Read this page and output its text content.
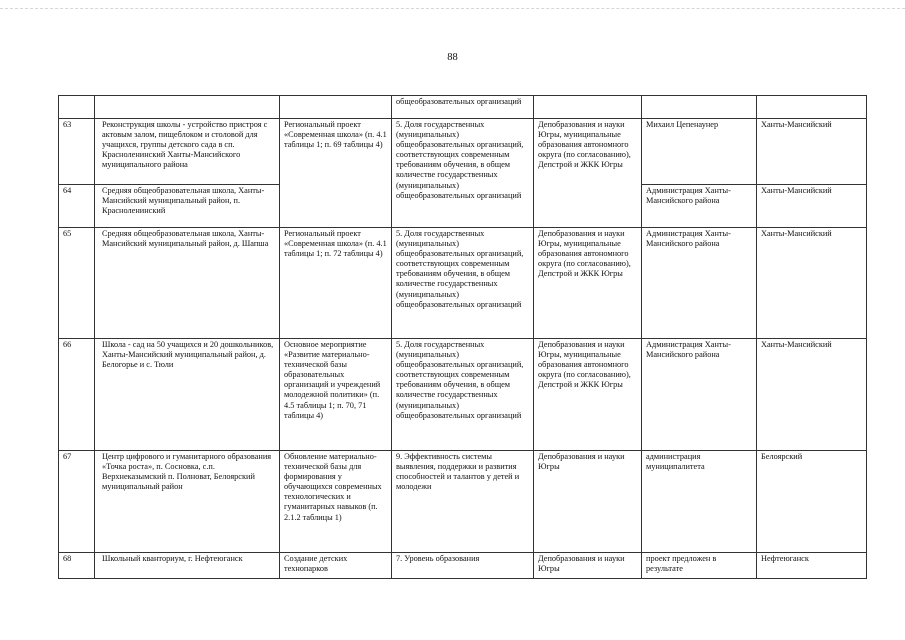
88
			общеобразовательных организаций			
63	Реконструкция школы - устройство пристроя с актовым залом, пищеблоком и столовой для учащихся, группы детского сада в сп. Красноленинский Ханты-Мансийского муниципального района	Региональный проект «Современная школа» (п. 4.1 таблицы 1; п. 69 таблицы 4)	5. Доля государственных (муниципальных) общеобразовательных организаций, соответствующих современным требованиям обучения, в общем количестве государственных (муниципальных) общеобразовательных организаций	Депобразования и науки Югры, муниципальные образования автономного округа (по согласованию), Депстрой и ЖКК Югры	Михаил Цепенаунер	Ханты-Мансийский
64	Средняя общеобразовательная школа, Ханты-Мансийский муниципальный район, п. Красноленинский				Администрация Ханты-Мансийского района	Ханты-Мансийский
65	Средняя общеобразовательная школа, Ханты-Мансийский муниципальный район, д. Шапша	Региональный проект «Современная школа» (п. 4.1 таблицы 1; п. 72 таблицы 4)	5. Доля государственных (муниципальных) общеобразовательных организаций, соответствующих современным требованиям обучения, в общем количестве государственных (муниципальных) общеобразовательных организаций	Депобразования и науки Югры, муниципальные образования автономного округа (по согласованию), Депстрой и ЖКК Югры	Администрация Ханты-Мансийского района	Ханты-Мансийский
66	Школа - сад на 50 учащихся и 20 дошкольников, Ханты-Мансийский муниципальный район, д. Белогорье и с. Тюли	Основное мероприятие «Развитие материально-технической базы образовательных организаций и учреждений молодежной политики» (п. 4.5 таблицы 1; п. 70, 71 таблицы 4)	5. Доля государственных (муниципальных) общеобразовательных организаций, соответствующих современным требованиям обучения, в общем количестве государственных (муниципальных) общеобразовательных организаций	Депобразования и науки Югры, муниципальные образования автономного округа (по согласованию), Депстрой и ЖКК Югры	Администрация Ханты-Мансийского района	Ханты-Мансийский
67	Центр цифрового и гуманитарного образования «Точка роста», п. Сосновка, с.п. Верхнеказымский п. Полноват, Белоярский муниципальный район	Обновление материально-технической базы для формирования у обучающихся современных технологических и гуманитарных навыков (п. 2.1.2 таблицы 1)	9. Эффективность системы выявления, поддержки и развития способностей и талантов у детей и молодежи	Депобразования и науки Югры	администрация муниципалитета	Белоярский
68	Школьный кванториум, г. Нефтеюганск	Создание детских технопарков	7. Уровень образования	Депобразования и науки Югры	проект предложен в результате	Нефтеюганск
